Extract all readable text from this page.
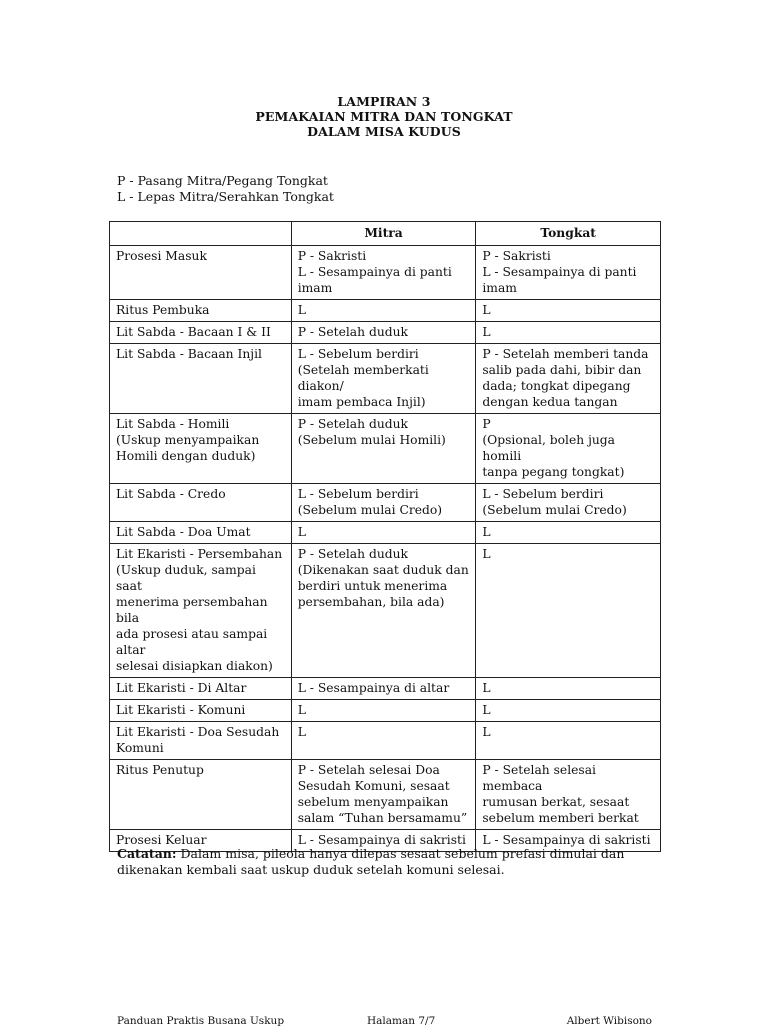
LAMPIRAN 3
PEMAKAIAN MITRA DAN TONGKAT
DALAM MISA KUDUS
P - Pasang Mitra/Pegang Tongkat
L - Lepas Mitra/Serahkan Tongkat
	Mitra	Tongkat

Prosesi Masuk	P - Sakristi
L - Sesampainya di panti
imam	P - Sakristi
L - Sesampainya di panti
imam

Ritus Pembuka	L	L

Lit Sabda - Bacaan I & II	P - Setelah duduk	L

Lit Sabda - Bacaan Injil	L - Sebelum berdiri
(Setelah memberkati diakon/
imam pembaca Injil)	P - Setelah memberi tanda
salib pada dahi, bibir dan
dada; tongkat dipegang
dengan kedua tangan

Lit Sabda - Homili
(Uskup menyampaikan
Homili dengan duduk)	P - Setelah duduk
(Sebelum mulai Homili)	P
(Opsional, boleh juga homili
tanpa pegang tongkat)

Lit Sabda - Credo	L - Sebelum berdiri
(Sebelum mulai Credo)	L - Sebelum berdiri
(Sebelum mulai Credo)

Lit Sabda - Doa Umat	L	L

Lit Ekaristi - Persembahan
(Uskup duduk, sampai saat
menerima persembahan bila
ada prosesi atau sampai altar
selesai disiapkan diakon)	P - Setelah duduk
(Dikenakan saat duduk dan
berdiri untuk menerima
persembahan, bila ada)	L

Lit Ekaristi - Di Altar	L - Sesampainya di altar	L

Lit Ekaristi - Komuni	L	L

Lit Ekaristi - Doa Sesudah
Komuni	L	L

Ritus Penutup	P - Setelah selesai Doa
Sesudah Komuni, sesaat
sebelum menyampaikan
salam “Tuhan bersamamu”	P - Setelah selesai membaca
rumusan berkat, sesaat
sebelum memberi berkat

Prosesi Keluar	L - Sesampainya di sakristi	L - Sesampainya di sakristi
Catatan: Dalam misa, pileola hanya dilepas sesaat sebelum prefasi dimulai dan dikenakan kembali saat uskup duduk setelah komuni selesai.
Panduan Praktis Busana Uskup	Halaman 7/7	Albert Wibisono
